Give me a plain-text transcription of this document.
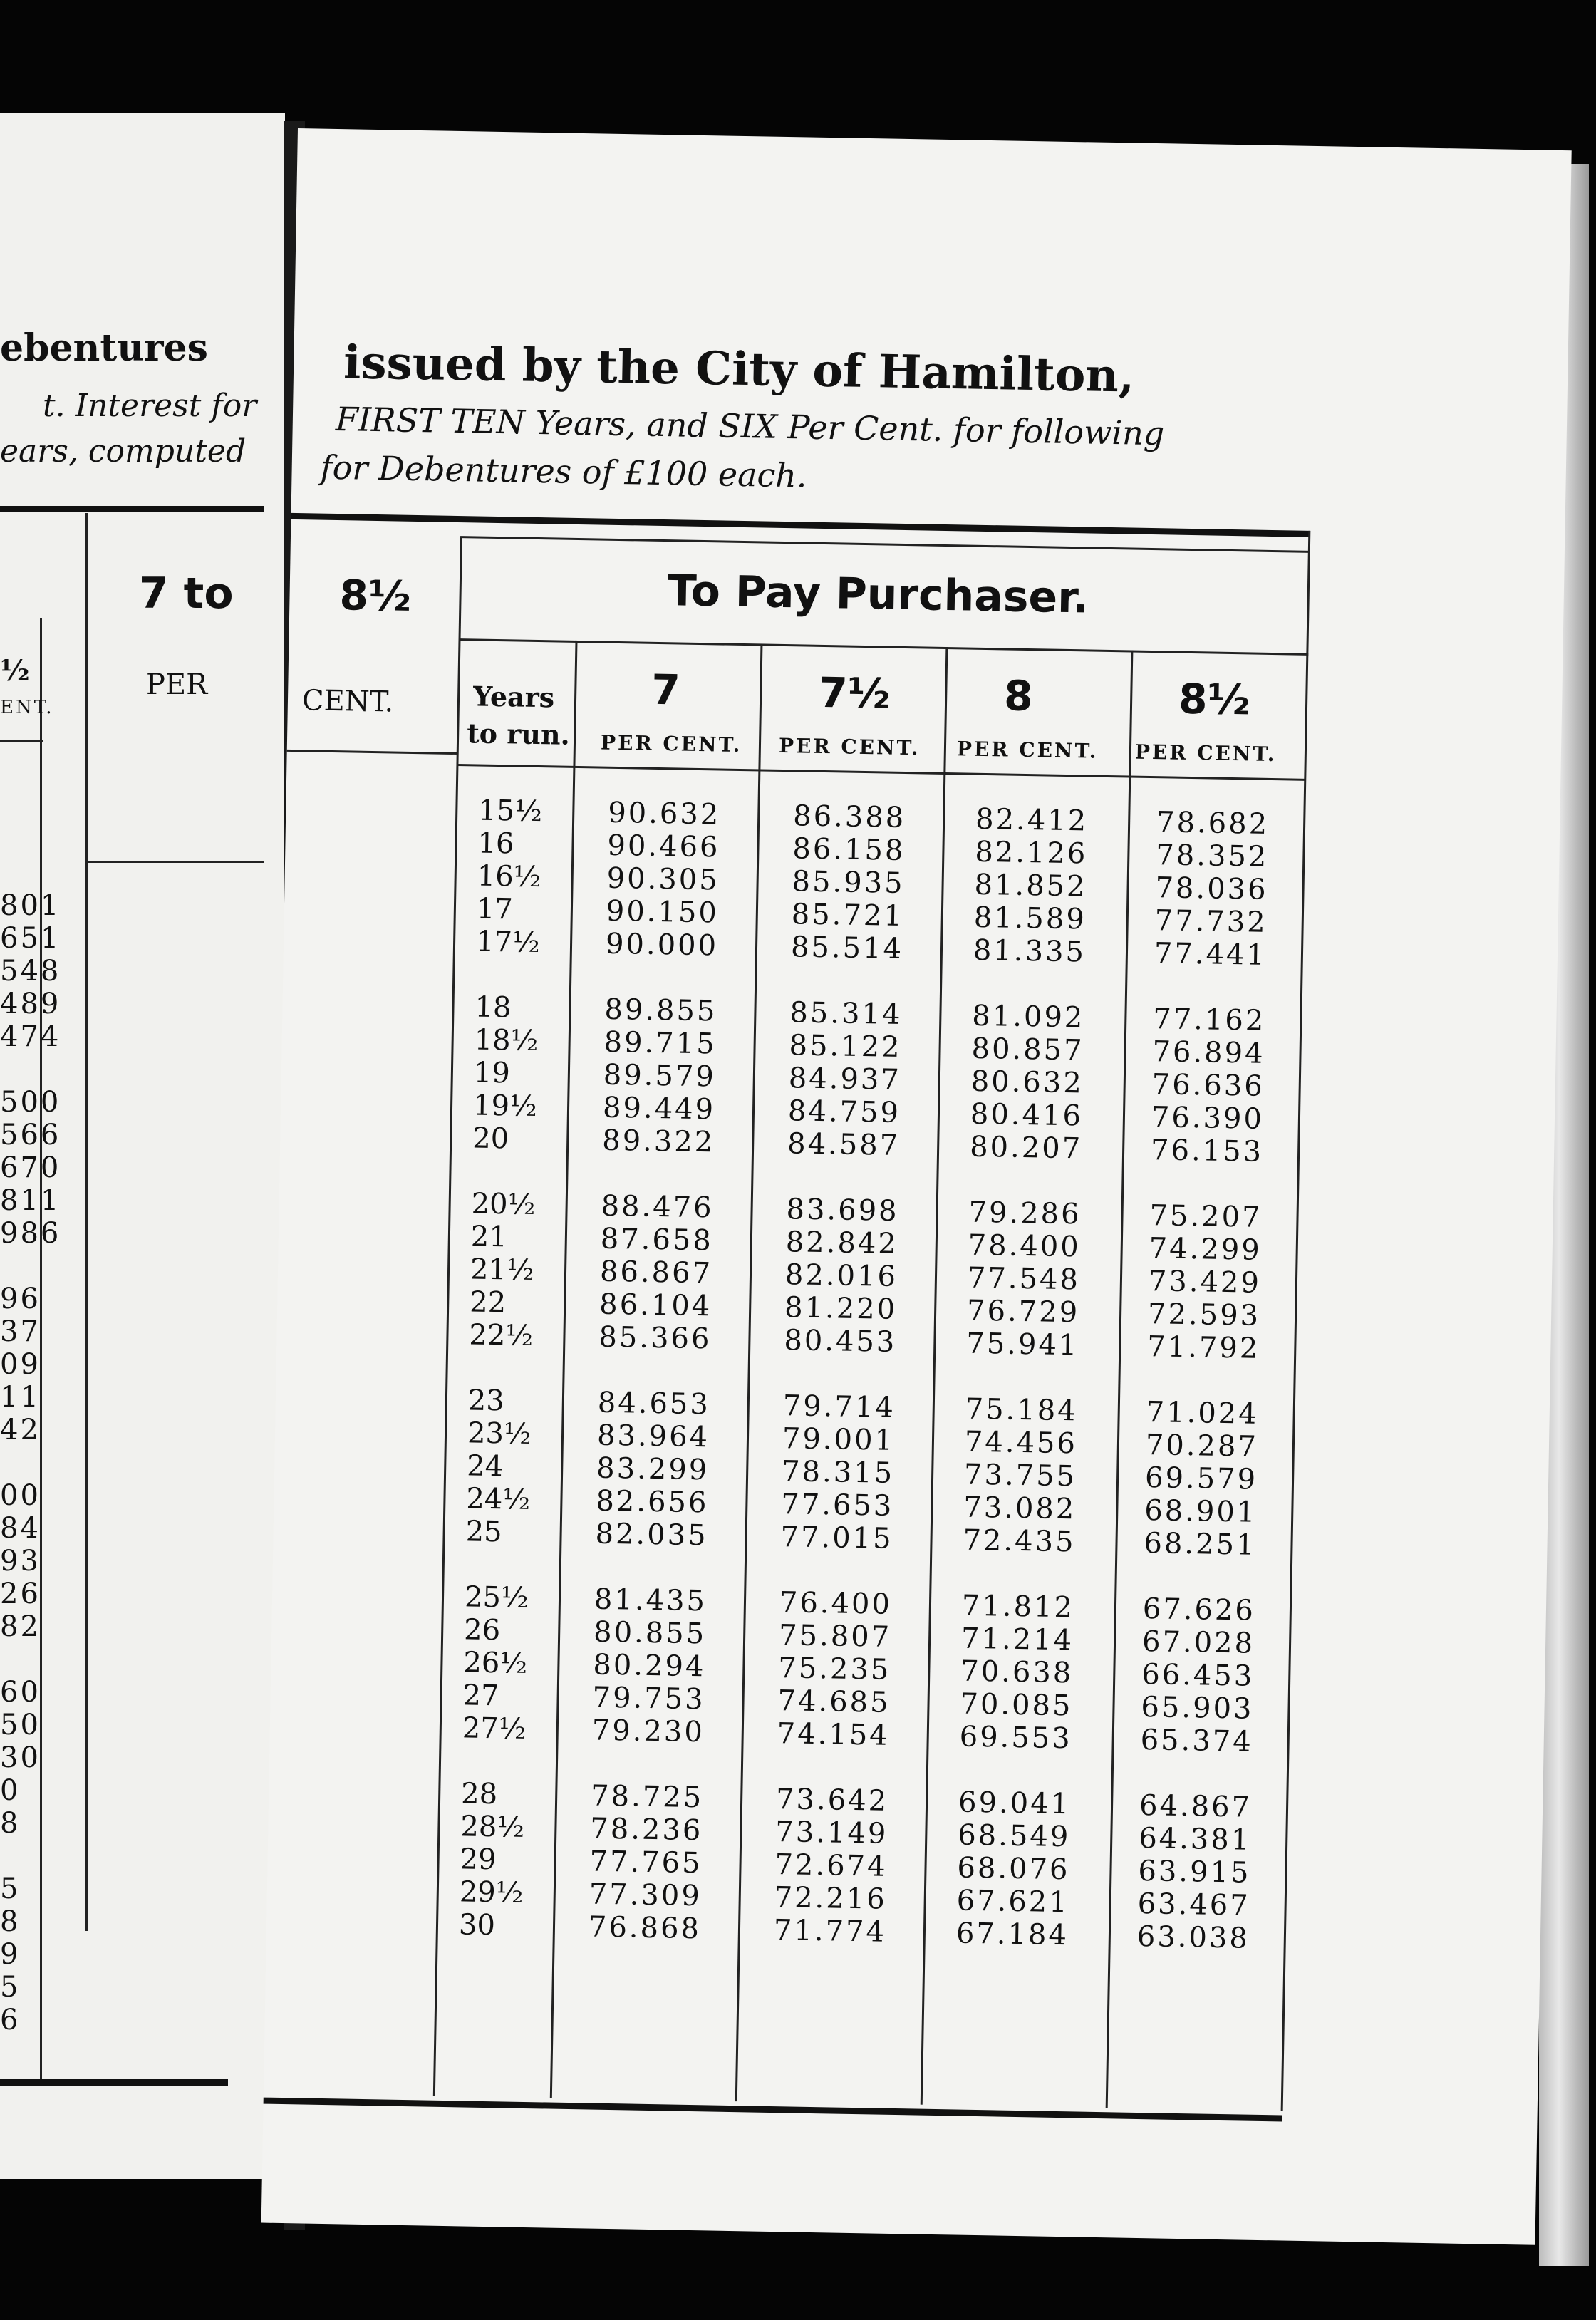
ebentures
t. Interest for
ears, computed
7 to
PER
½
ENT.
801
651
548
489
474
500
566
670
811
986
96
37
09
11
42
00
84
93
26
82
60
50
30
0
8
5
8
9
5
6
issued by the City of Hamilton,
FIRST TEN Years, and SIX Per Cent. for following
for Debentures of £100 each.
8½
CENT.
To Pay Purchaser.
Years
to run.
7
PER CENT.
7½
PER CENT.
8
PER CENT.
8½
PER CENT.
15½
16
16½
17
17½
18
18½
19
19½
20
20½
21
21½
22
22½
23
23½
24
24½
25
25½
26
26½
27
27½
28
28½
29
29½
30
90.632
90.466
90.305
90.150
90.000
89.855
89.715
89.579
89.449
89.322
88.476
87.658
86.867
86.104
85.366
84.653
83.964
83.299
82.656
82.035
81.435
80.855
80.294
79.753
79.230
78.725
78.236
77.765
77.309
76.868
86.388
86.158
85.935
85.721
85.514
85.314
85.122
84.937
84.759
84.587
83.698
82.842
82.016
81.220
80.453
79.714
79.001
78.315
77.653
77.015
76.400
75.807
75.235
74.685
74.154
73.642
73.149
72.674
72.216
71.774
82.412
82.126
81.852
81.589
81.335
81.092
80.857
80.632
80.416
80.207
79.286
78.400
77.548
76.729
75.941
75.184
74.456
73.755
73.082
72.435
71.812
71.214
70.638
70.085
69.553
69.041
68.549
68.076
67.621
67.184
78.682
78.352
78.036
77.732
77.441
77.162
76.894
76.636
76.390
76.153
75.207
74.299
73.429
72.593
71.792
71.024
70.287
69.579
68.901
68.251
67.626
67.028
66.453
65.903
65.374
64.867
64.381
63.915
63.467
63.038
